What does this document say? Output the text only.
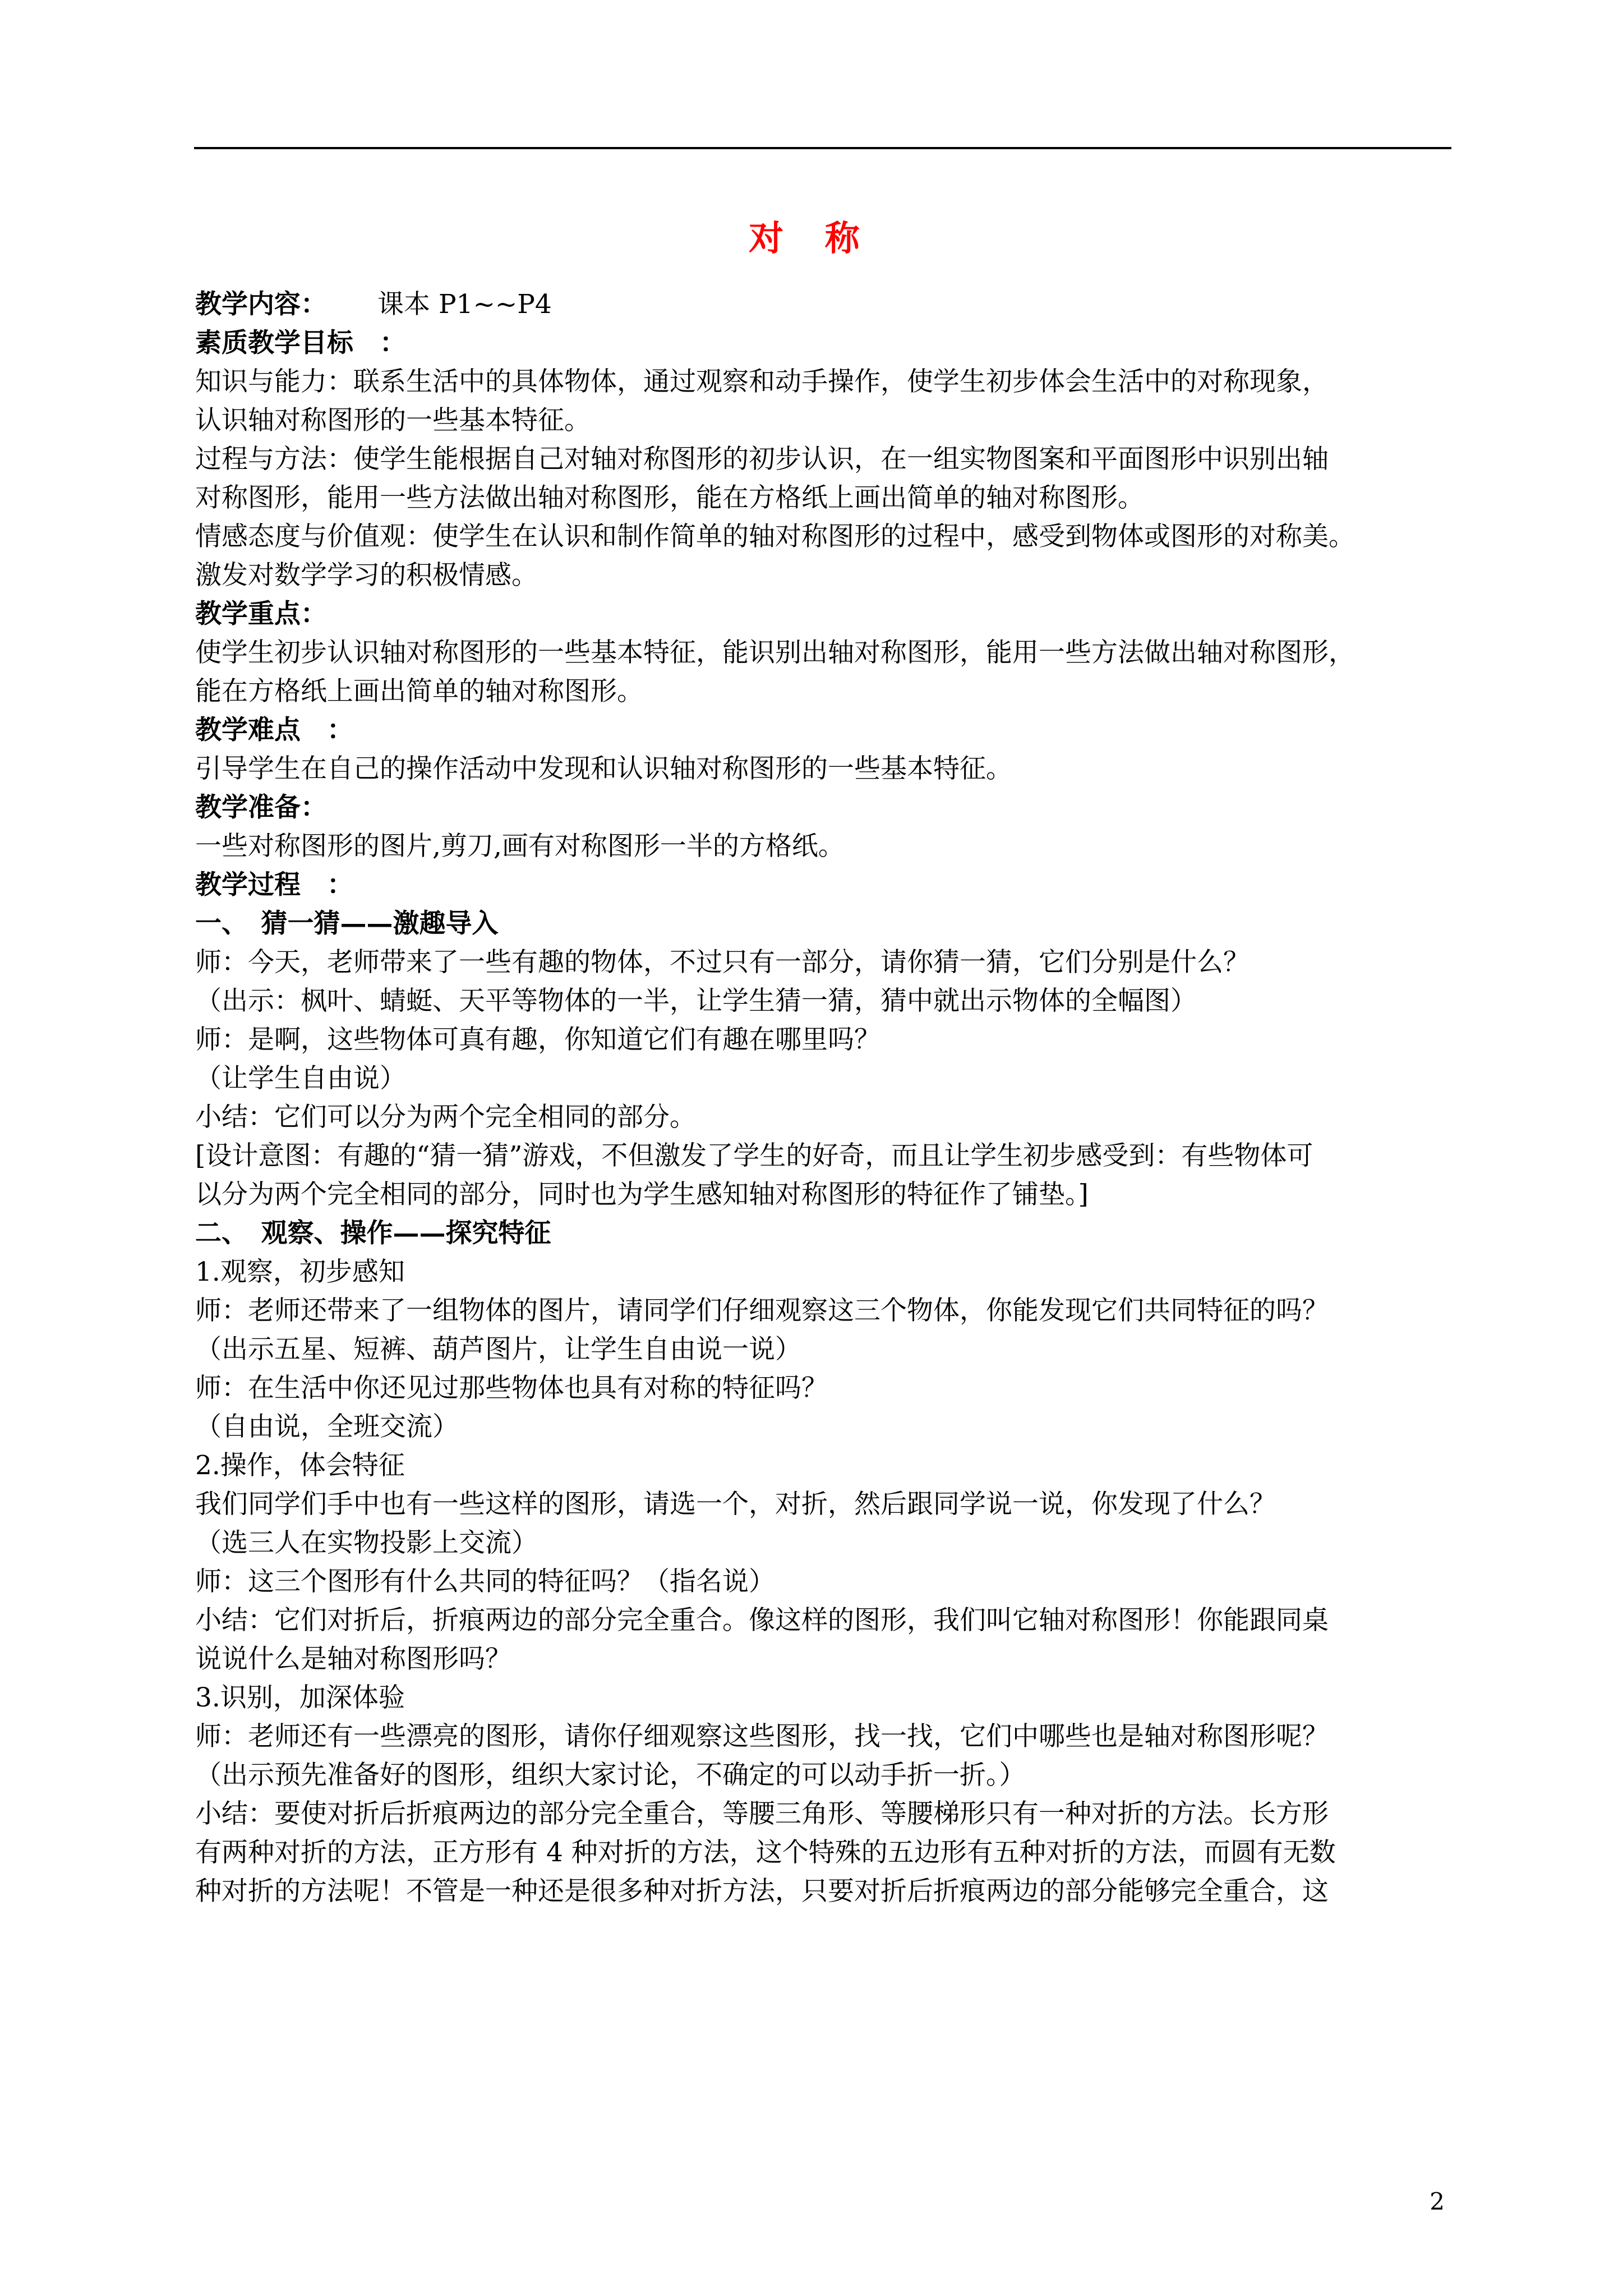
对 称
教学内容： 课本 P1~~P4
素质教学目标　：
知识与能力：联系生活中的具体物体，通过观察和动手操作，使学生初步体会生活中的对称现象，
认识轴对称图形的一些基本特征。
过程与方法：使学生能根据自己对轴对称图形的初步认识，在一组实物图案和平面图形中识别出轴
对称图形，能用一些方法做出轴对称图形，能在方格纸上画出简单的轴对称图形。
情感态度与价值观：使学生在认识和制作简单的轴对称图形的过程中，感受到物体或图形的对称美。
激发对数学学习的积极情感。
教学重点：
使学生初步认识轴对称图形的一些基本特征，能识别出轴对称图形，能用一些方法做出轴对称图形，
能在方格纸上画出简单的轴对称图形。
教学难点　：
引导学生在自己的操作活动中发现和认识轴对称图形的一些基本特征。
教学准备：
一些对称图形的图片,剪刀,画有对称图形一半的方格纸。
教学过程　：
一、　猜一猜——激趣导入
师：今天，老师带来了一些有趣的物体，不过只有一部分，请你猜一猜，它们分别是什么？
（出示：枫叶、蜻蜓、天平等物体的一半，让学生猜一猜，猜中就出示物体的全幅图）
师：是啊，这些物体可真有趣，你知道它们有趣在哪里吗？
（让学生自由说）
小结：它们可以分为两个完全相同的部分。
[设计意图：有趣的“猜一猜”游戏，不但激发了学生的好奇，而且让学生初步感受到：有些物体可
以分为两个完全相同的部分，同时也为学生感知轴对称图形的特征作了铺垫。]
二、　观察、操作——探究特征
1.观察，初步感知
师：老师还带来了一组物体的图片，请同学们仔细观察这三个物体，你能发现它们共同特征的吗？
（出示五星、短裤、葫芦图片，让学生自由说一说）
师：在生活中你还见过那些物体也具有对称的特征吗？
（自由说，全班交流）
2.操作，体会特征
我们同学们手中也有一些这样的图形，请选一个，对折，然后跟同学说一说，你发现了什么？
（选三人在实物投影上交流）
师：这三个图形有什么共同的特征吗？（指名说）
小结：它们对折后，折痕两边的部分完全重合。像这样的图形，我们叫它轴对称图形！你能跟同桌
说说什么是轴对称图形吗？
3.识别，加深体验
师：老师还有一些漂亮的图形，请你仔细观察这些图形，找一找，它们中哪些也是轴对称图形呢？
（出示预先准备好的图形，组织大家讨论，不确定的可以动手折一折。）
小结：要使对折后折痕两边的部分完全重合，等腰三角形、等腰梯形只有一种对折的方法。长方形
有两种对折的方法，正方形有 4 种对折的方法，这个特殊的五边形有五种对折的方法，而圆有无数
种对折的方法呢！不管是一种还是很多种对折方法，只要对折后折痕两边的部分能够完全重合，这
2
